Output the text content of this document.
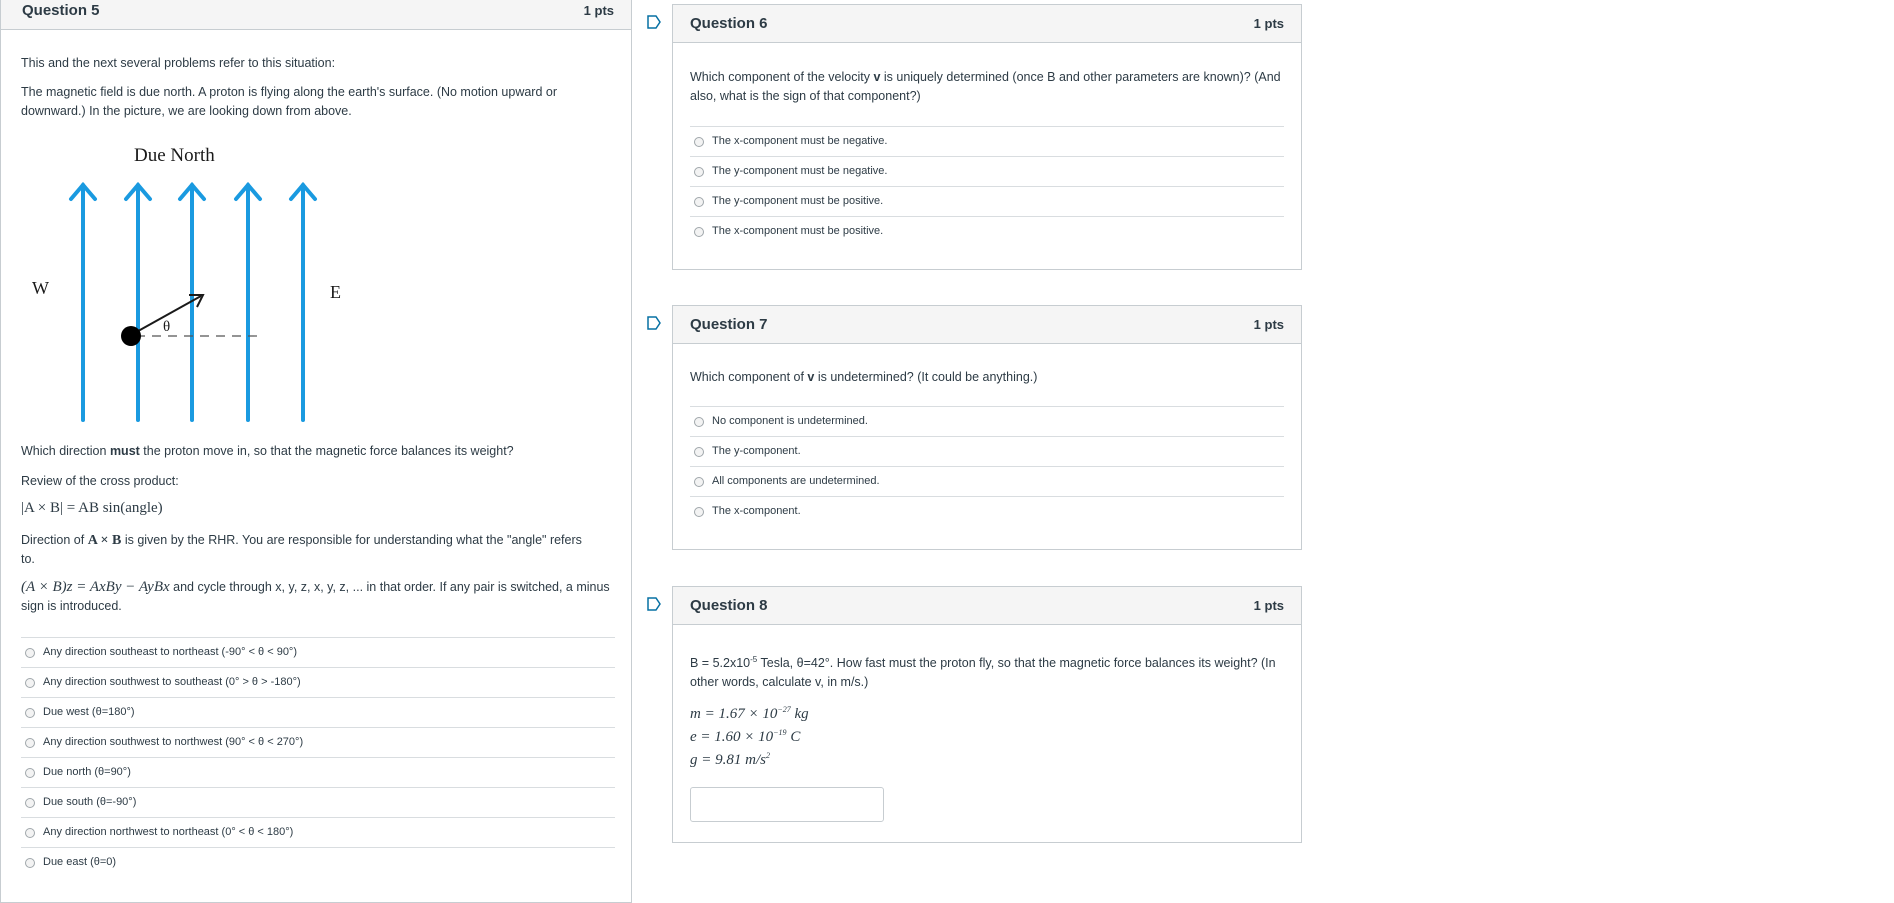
Question 5	1 pts
This and the next several problems refer to this situation:
The magnetic field is due north. A proton is flying along the earth's surface. (No motion upward or downward.) In the picture, we are looking down from above.
Due North
W	E
θ
Which direction must the proton move in, so that the magnetic force balances its weight?
Review of the cross product:
|A × B| = AB sin(angle)
Direction of A × B is given by the RHR. You are responsible for understanding what the "angle" refers to.
(A × B)z = AxBy − AyBx and cycle through x, y, z, x, y, z, ... in that order. If any pair is switched, a minus sign is introduced.
Any direction southeast to northeast (-90° < θ < 90°)
Any direction southwest to southeast (0° > θ > -180°)
Due west (θ=180°)
Any direction southwest to northwest (90° < θ < 270°)
Due north (θ=90°)
Due south (θ=-90°)
Any direction northwest to northeast (0° < θ < 180°)
Due east (θ=0)
Question 6	1 pts
Which component of the velocity v is uniquely determined (once B and other parameters are known)? (And also, what is the sign of that component?)
The x-component must be negative.
The y-component must be negative.
The y-component must be positive.
The x-component must be positive.
Question 7	1 pts
Which component of v is undetermined? (It could be anything.)
No component is undetermined.
The y-component.
All components are undetermined.
The x-component.
Question 8	1 pts
$B = 5.2x10^{-5}$ Tesla, θ=42°. How fast must the proton fly, so that the magnetic force balances its weight? (In other words, calculate v, in m/s.)
$m = 1.67 \times 10^{-27}$ kg
$e = 1.60 \times 10^{-19}$ C
g = 9.81 $m/s^2$
